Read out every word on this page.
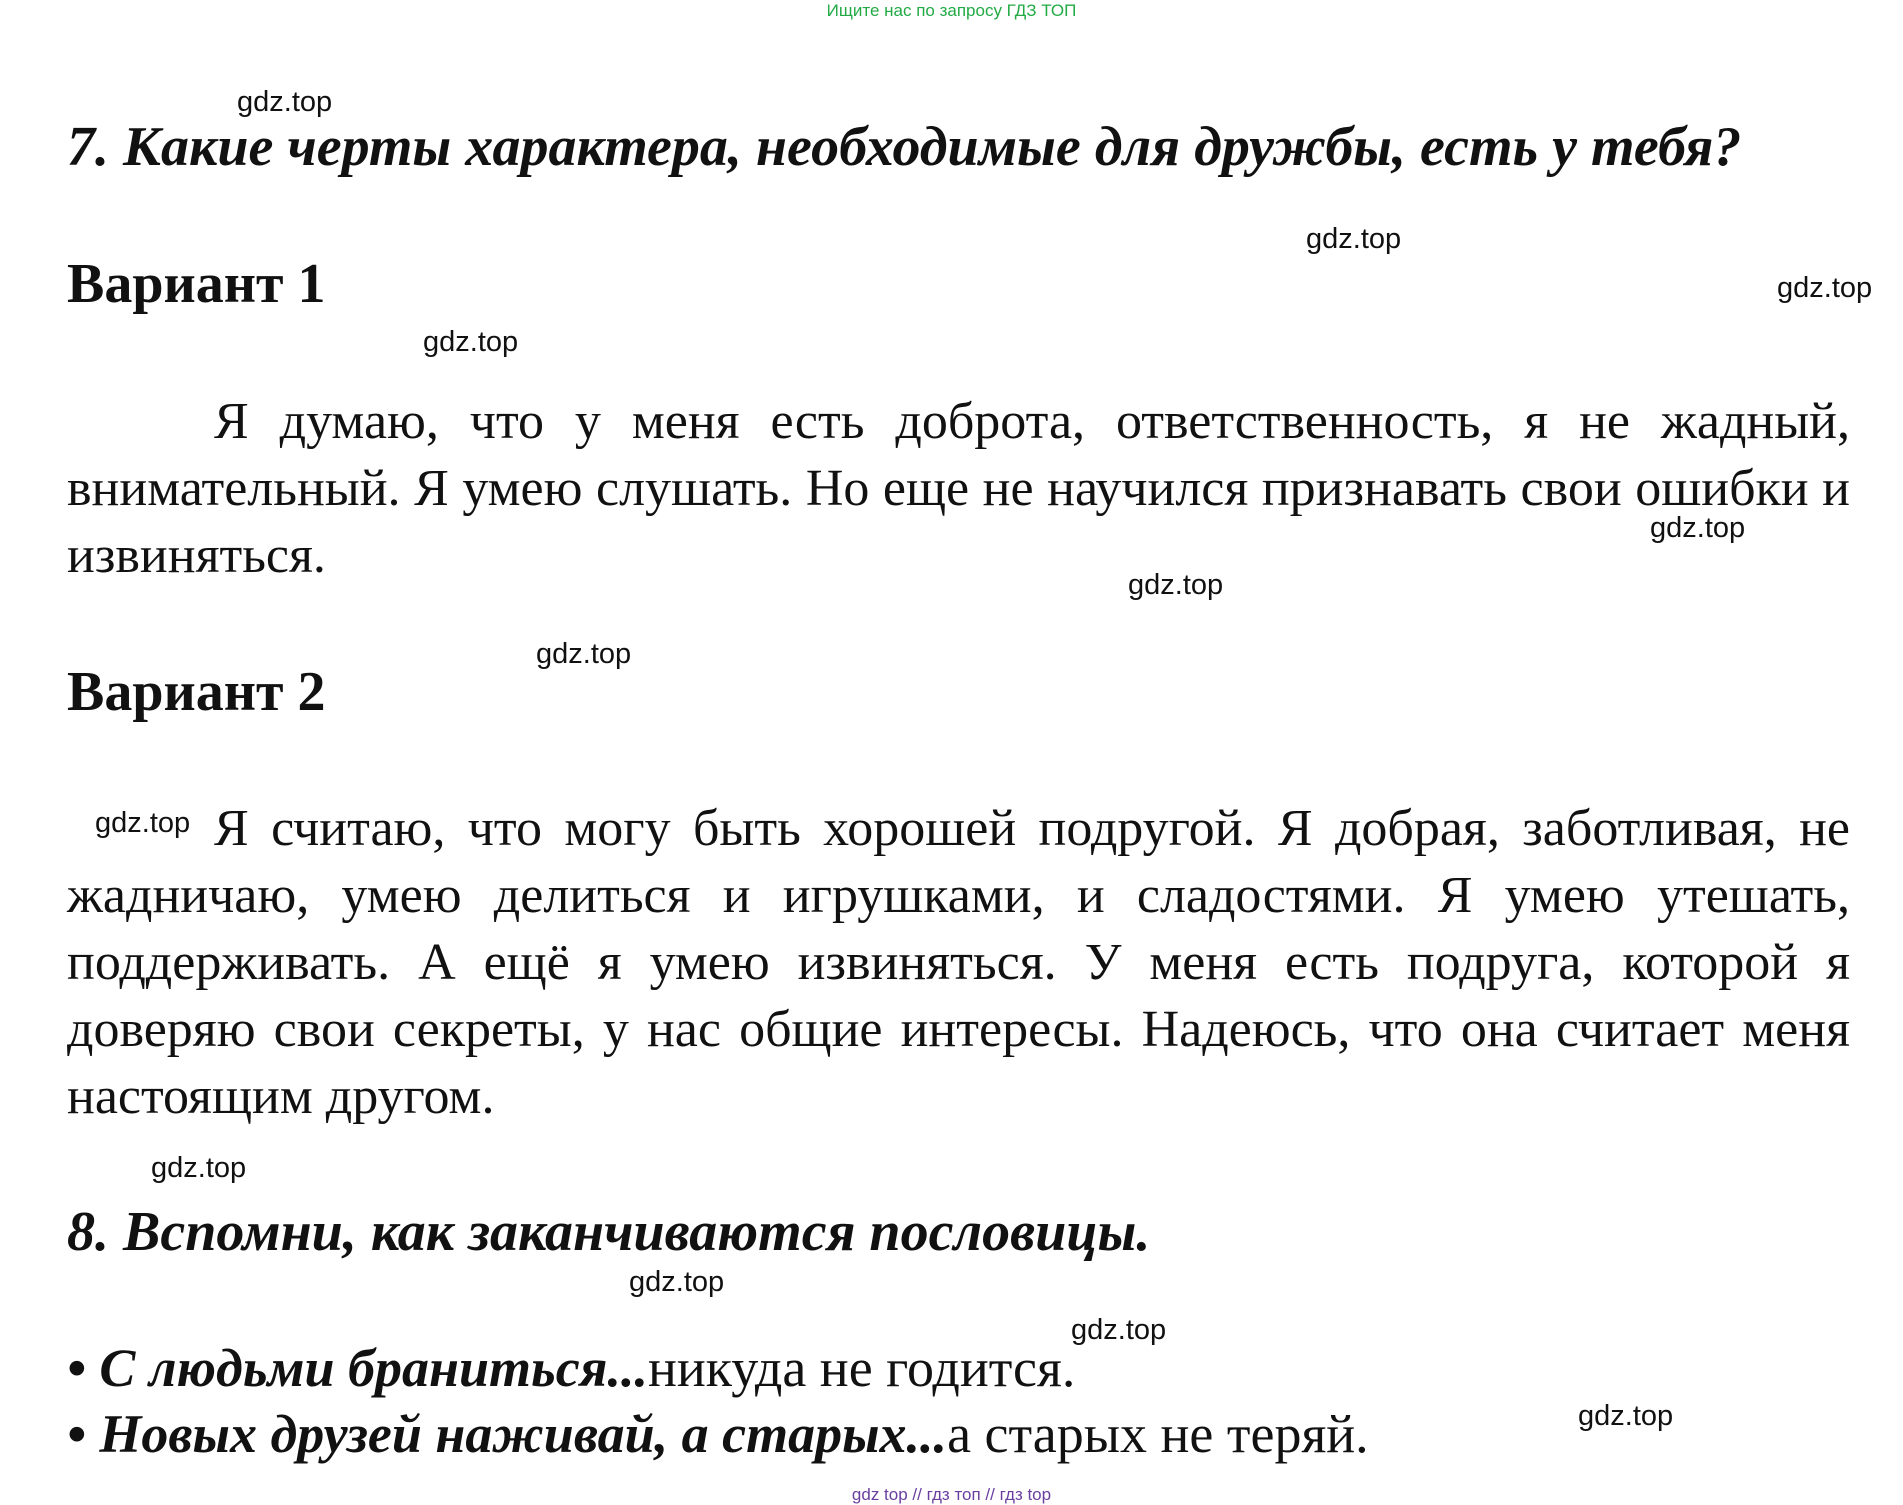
Ищите нас по запросу ГДЗ ТОП
gdz.top
7. Какие черты характера, необходимые для дружбы, есть у тебя?
gdz.top
gdz.top
Вариант 1
gdz.top

Я думаю, что у меня есть доброта, ответственность, я не жадный, внимательный. Я умею слушать. Но еще не научился признавать свои ошибки и извиняться.	gdz.top
gdz.top
gdz.top
Вариант 2
gdz.top Я считаю, что могу быть хорошей подругой. Я добрая, заботливая, не жадничаю, умею делиться и игрушками, и сладостями. Я умею утешать, поддерживать. А ещё я умею извиняться. У меня есть подруга, которой я доверяю свои секреты, у нас общие интересы. Надеюсь, что она считает меня настоящим другом.

gdz.top
8. Вспомни, как заканчиваются пословицы.
gdz.top
gdz.top
• С людьми браниться...никуда не годится.
gdz.top
• Новых друзей наживай, а старых...а старых не теряй.
gdz top // гдз топ // гдз top
